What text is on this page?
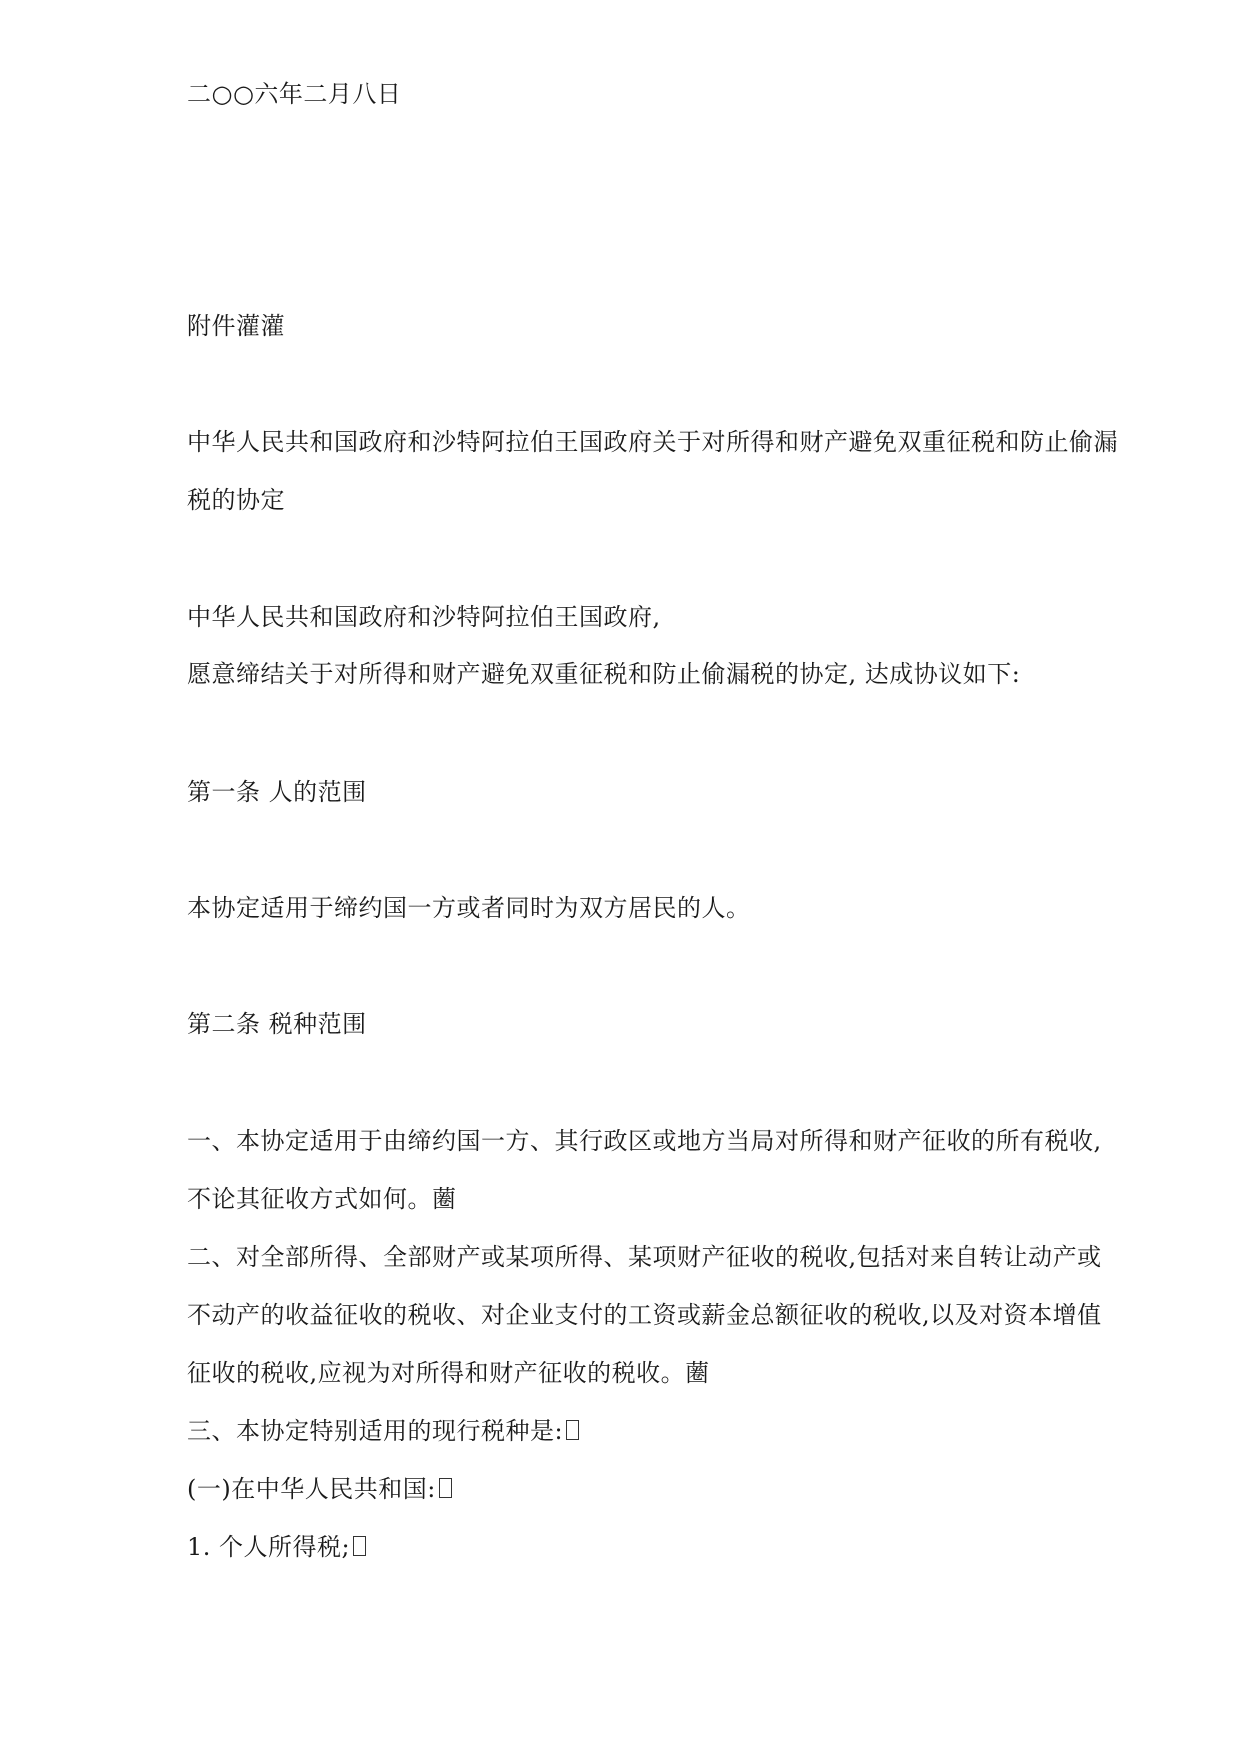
二○○六年二月八日
附件灌灌
中华人民共和国政府和沙特阿拉伯王国政府关于对所得和财产避免双重征税和防止偷漏
税的协定
中华人民共和国政府和沙特阿拉伯王国政府,
愿意缔结关于对所得和财产避免双重征税和防止偷漏税的协定, 达成协议如下:
第一条 人的范围
本协定适用于缔约国一方或者同时为双方居民的人。
第二条 税种范围
一、本协定适用于由缔约国一方、其行政区或地方当局对所得和财产征收的所有税收,
不论其征收方式如何。蔨
二、对全部所得、全部财产或某项所得、某项财产征收的税收,包括对来自转让动产或
不动产的收益征收的税收、对企业支付的工资或薪金总额征收的税收,以及对资本增值
征收的税收,应视为对所得和财产征收的税收。蔨
三、本协定特别适用的现行税种是:
(一)在中华人民共和国:
1. 个人所得税;
